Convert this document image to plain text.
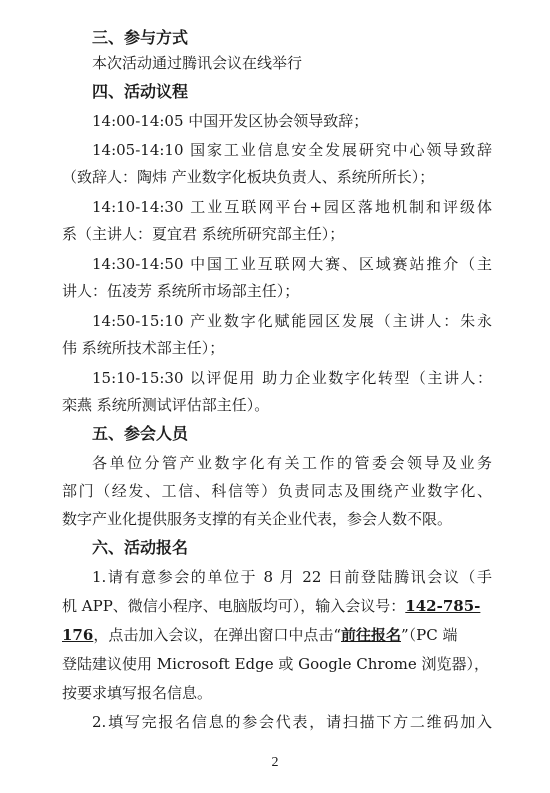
三、参与方式
本次活动通过腾讯会议在线举行
四、活动议程
14:00-14:05 中国开发区协会领导致辞；
14:05-14:10 国家工业信息安全发展研究中心领导致辞
（致辞人：陶炜 产业数字化板块负责人、系统所所长）；
14:10-14:30 工业互联网平台+园区落地机制和评级体
系（主讲人：夏宜君 系统所研究部主任）；
14:30-14:50 中国工业互联网大赛、区域赛站推介（主
讲人：伍凌芳 系统所市场部主任）；
14:50-15:10 产业数字化赋能园区发展（主讲人：朱永
伟 系统所技术部主任）；
15:10-15:30 以评促用 助力企业数字化转型（主讲人：
栾燕 系统所测试评估部主任）。
五、参会人员
各单位分管产业数字化有关工作的管委会领导及业务
部门（经发、工信、科信等）负责同志及围绕产业数字化、
数字产业化提供服务支撑的有关企业代表，参会人数不限。
六、活动报名
1.请有意参会的单位于 8 月 22 日前登陆腾讯会议（手
机 APP、微信小程序、电脑版均可），输入会议号：142-785-
176，点击加入会议，在弹出窗口中点击“前往报名”（PC 端
登陆建议使用 Microsoft Edge 或 Google Chrome 浏览器），
按要求填写报名信息。
2.填写完报名信息的参会代表，请扫描下方二维码加入
2
